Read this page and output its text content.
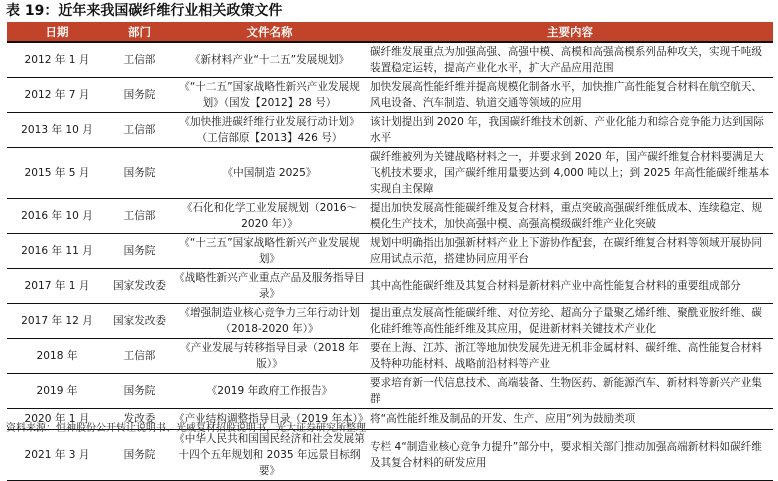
表 19：近年来我国碳纤维行业相关政策文件
日期	部门	文件名称	主要内容
2012 年 1 月	工信部	《新材料产业“十二五”发展规划》	碳纤维发展重点为加强高强、高强中模、高模和高强高模系列品种攻关，实现千吨级装置稳定运转，提高产业化水平，扩大产品应用范围
2012 年 7 月	国务院	《“十二五”国家战略性新兴产业发展规划》（国发【2012】28 号）	加快发展高性能纤维并提高规模化制备水平，加快推广高性能复合材料在航空航天、风电设备、汽车制造、轨道交通等领域的应用
2013 年 10 月	工信部	《加快推进碳纤维行业发展行动计划》（工信部原【2013】426 号）	该计划提出到 2020 年，我国碳纤维技术创新、产业化能力和综合竞争能力达到国际水平
2015 年 5 月	国务院	《中国制造 2025》	碳纤维被列为关键战略材料之一，并要求到 2020 年，国产碳纤维复合材料要满足大飞机技术要求，国产碳纤维用量要达到 4,000 吨以上；到 2025 年高性能碳纤维基本实现自主保障
2016 年 10 月	工信部	《石化和化学工业发展规划（2016～2020 年）》	提出加快发展高性能碳纤维及复合材料，重点突破高强碳纤维低成本、连续稳定、规模化生产技术，加快高强中模、高强高模级碳纤维产业化突破
2016 年 11 月	国务院	《“十三五”国家战略性新兴产业发展规划》	规划中明确指出加强新材料产业上下游协作配套，在碳纤维复合材料等领域开展协同应用试点示范，搭建协同应用平台
2017 年 1 月	国家发改委	《战略性新兴产业重点产品及服务指导目录》	其中高性能碳纤维及其复合材料是新材料产业中高性能复合材料的重要组成部分
2017 年 12 月	国家发改委	《增强制造业核心竞争力三年行动计划（2018-2020 年）》	提出重点发展高性能碳纤维、对位芳纶、超高分子量聚乙烯纤维、聚酰亚胺纤维、碳化硅纤维等高性能纤维及其应用，促进新材料关键技术产业化
2018 年	工信部	《产业发展与转移指导目录（2018 年版）》	要在上海、江苏、浙江等地加快发展先进无机非金属材料、碳纤维、高性能复合材料及特种功能材料、战略前沿材料等产业
2019 年	国务院	《2019 年政府工作报告》	要求培育新一代信息技术、高端装备、生物医药、新能源汽车、新材料等新兴产业集群
2020 年 1 月	发改委	《产业结构调整指导目录（2019 年本）》	将“高性能纤维及制品的开发、生产、应用”列为鼓励类项
2021 年 3 月	国务院	《中华人民共和国国民经济和社会发展第十四个五年规划和 2035 年远景目标纲要》	专栏 4“制造业核心竞争力提升”部分中，要求相关部门推动加强高端新材料如碳纤维及其复合材料的研发应用
资料来源：恒神股份公开转让说明书、光威复材招股说明书，光大证券研究所整理
